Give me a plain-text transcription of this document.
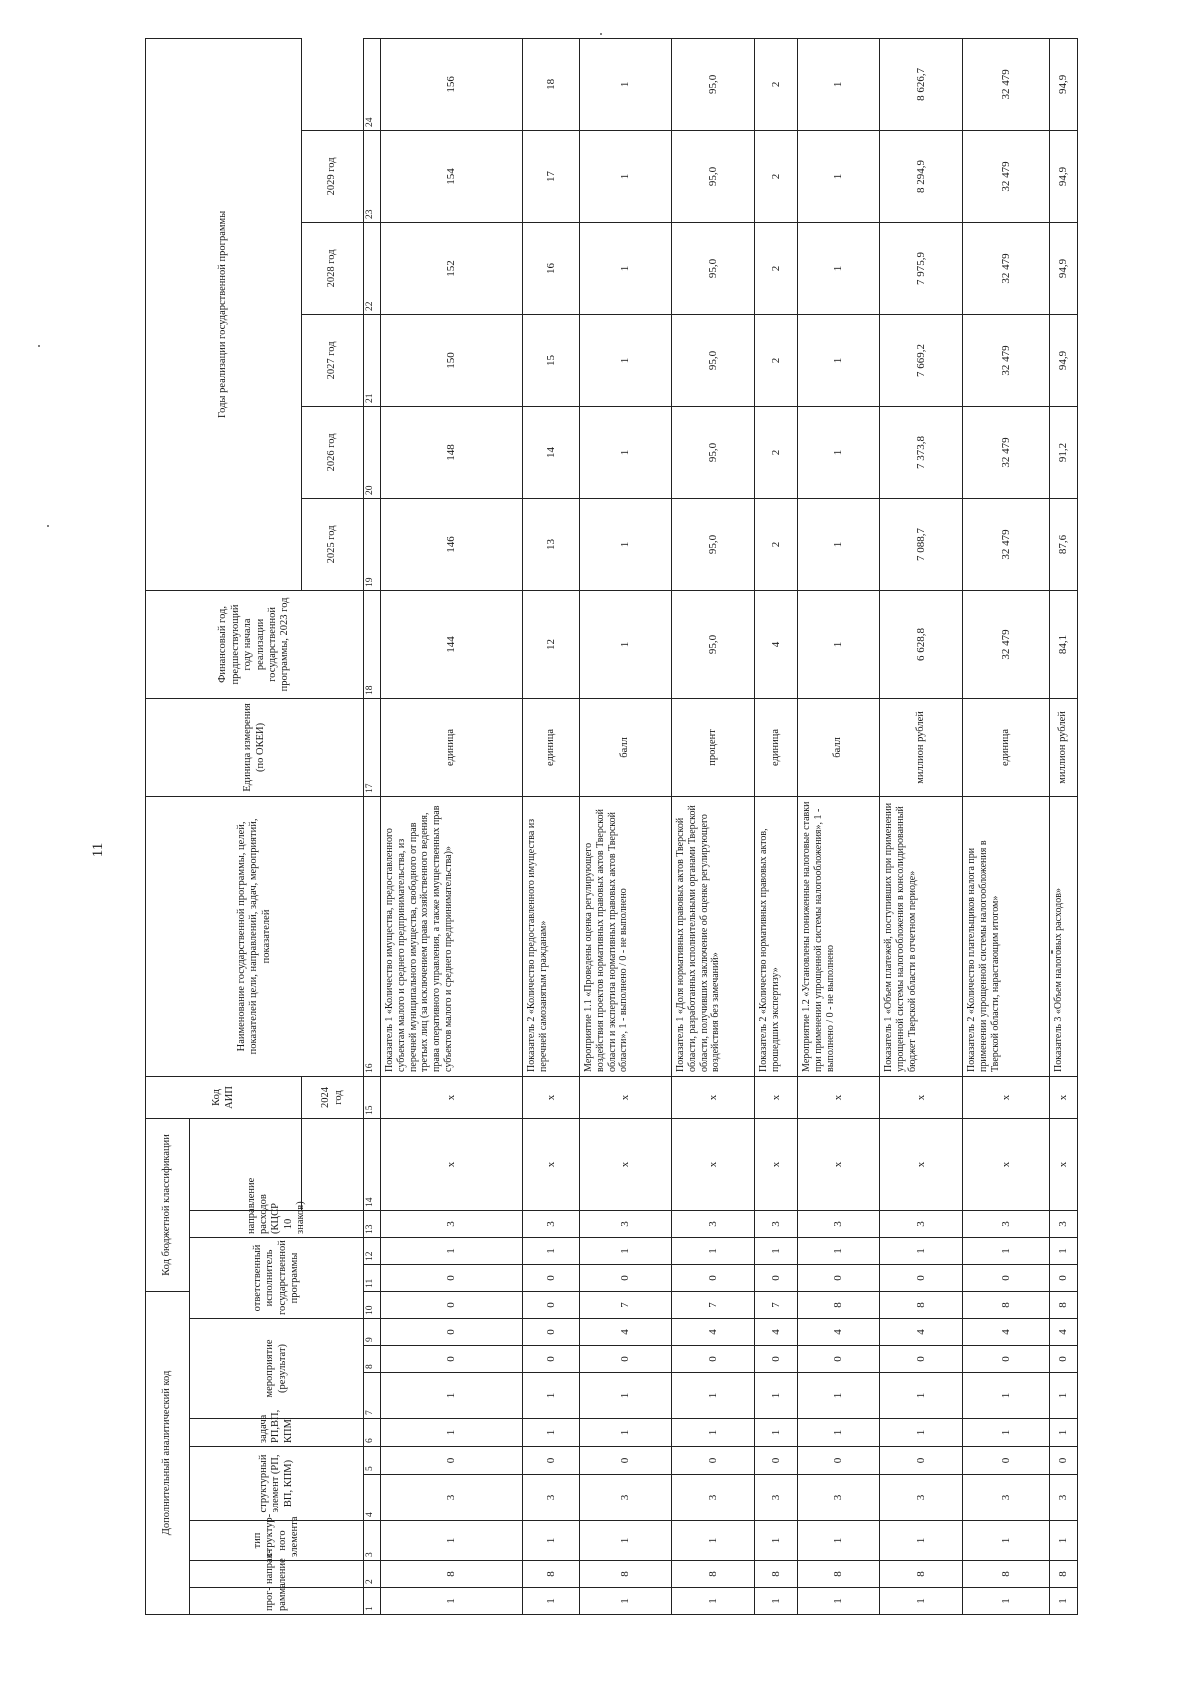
11
Дополнительный аналитический код										Код бюджетной классификации				Код АИП	Наименование государственной программы, целей, показателей цели, направлений, задач, мероприятий, показателей	Единица измерения (по ОКЕИ)	Финансовый год, предшествующий году начала реализации государственной программы, 2023 год	Годы реализации государственной программы					
прог-рамма	направ-ление	тип структур-ного элемента	структурный элемент (РП, ВП, КПМ)		задача РП,ВП, КПМ	мероприятие (результат)			ответственный исполнитель государственной программы			направление расходов (КЦСР 10 знаков)											
														2024 год				2025 год	2026 год	2027 год	2028 год	2029 год	
1	2	3	4	5	6	7	8	9	10	11	12	13	14	15	16	17	18	19	20	21	22	23	24
1	8	1	3	0	1	1	0	0	0	0	1	3	x	x	Показатель 1 «Количество имущества, предоставленного субъектам малого и среднего предпринимательства, из перечней муниципального имущества, свободного от прав третьих лиц (за исключением права хозяйственного ведения, права оперативного управления, а также имущественных прав субъектов малого и среднего предпринимательства)»	единица	144	146	148	150	152	154	156
1	8	1	3	0	1	1	0	0	0	0	1	3	x	x	Показатель 2 «Количество предоставленного имущества из перечней самозанятым гражданам»	единица	12	13	14	15	16	17	18
1	8	1	3	0	1	1	0	4	7	0	1	3	x	x	Мероприятие 1.1 «Проведены оценка регулирующего воздействия проектов нормативных правовых актов Тверской области и экспертиза нормативных правовых актов Тверской области», 1 - выполнено / 0 - не выполнено	балл	1	1	1	1	1	1	1
1	8	1	3	0	1	1	0	4	7	0	1	3	x	x	Показатель 1 «Доля нормативных правовых актов Тверской области, разработанных исполнительными органами Тверской области, получивших заключение об оценке регулирующего воздействия без замечаний»	процент	95,0	95,0	95,0	95,0	95,0	95,0	95,0
1	8	1	3	0	1	1	0	4	7	0	1	3	x	x	Показатель 2 «Количество нормативных правовых актов, прошедших экспертизу»	единица	4	2	2	2	2	2	2
1	8	1	3	0	1	1	0	4	8	0	1	3	x	x	Мероприятие 1.2 «Установлены пониженные налоговые ставки при применении упрощенной системы налогообложения», 1 - выполнено / 0 - не выполнено	балл	1	1	1	1	1	1	1
1	8	1	3	0	1	1	0	4	8	0	1	3	x	x	Показатель 1 «Объем платежей, поступивших при применении упрощенной системы налогообложения в консолидированный бюджет Тверской области в отчетном периоде»	миллион рублей	6 628,8	7 088,7	7 373,8	7 669,2	7 975,9	8 294,9	8 626,7
1	8	1	3	0	1	1	0	4	8	0	1	3	x	x	Показатель 2 «Количество плательщиков налога при применении упрощенной системы налогообложения в Тверской области, нарастающим итогом»	единица	32 479	32 479	32 479	32 479	32 479	32 479	32 479
1	8	1	3	0	1	1	0	4	8	0	1	3	x	x	Показатель 3 «Объем налоговых расходов»	миллион рублей	84,1	87,6	91,2	94,9	94,9	94,9	94,9
